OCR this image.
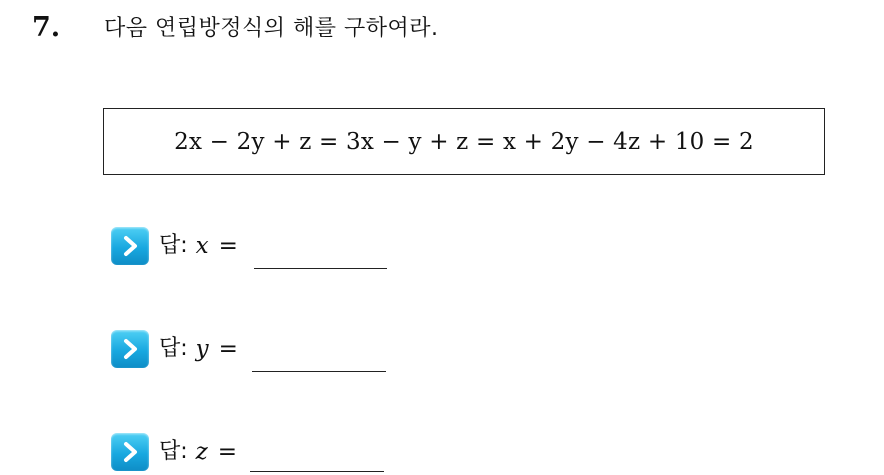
7. 다음 연립방정식의 해를 구하여라.
2x − 2y + z = 3x − y + z = x + 2y − 4z + 10 = 2
답: x =
답: y =
답: z =
